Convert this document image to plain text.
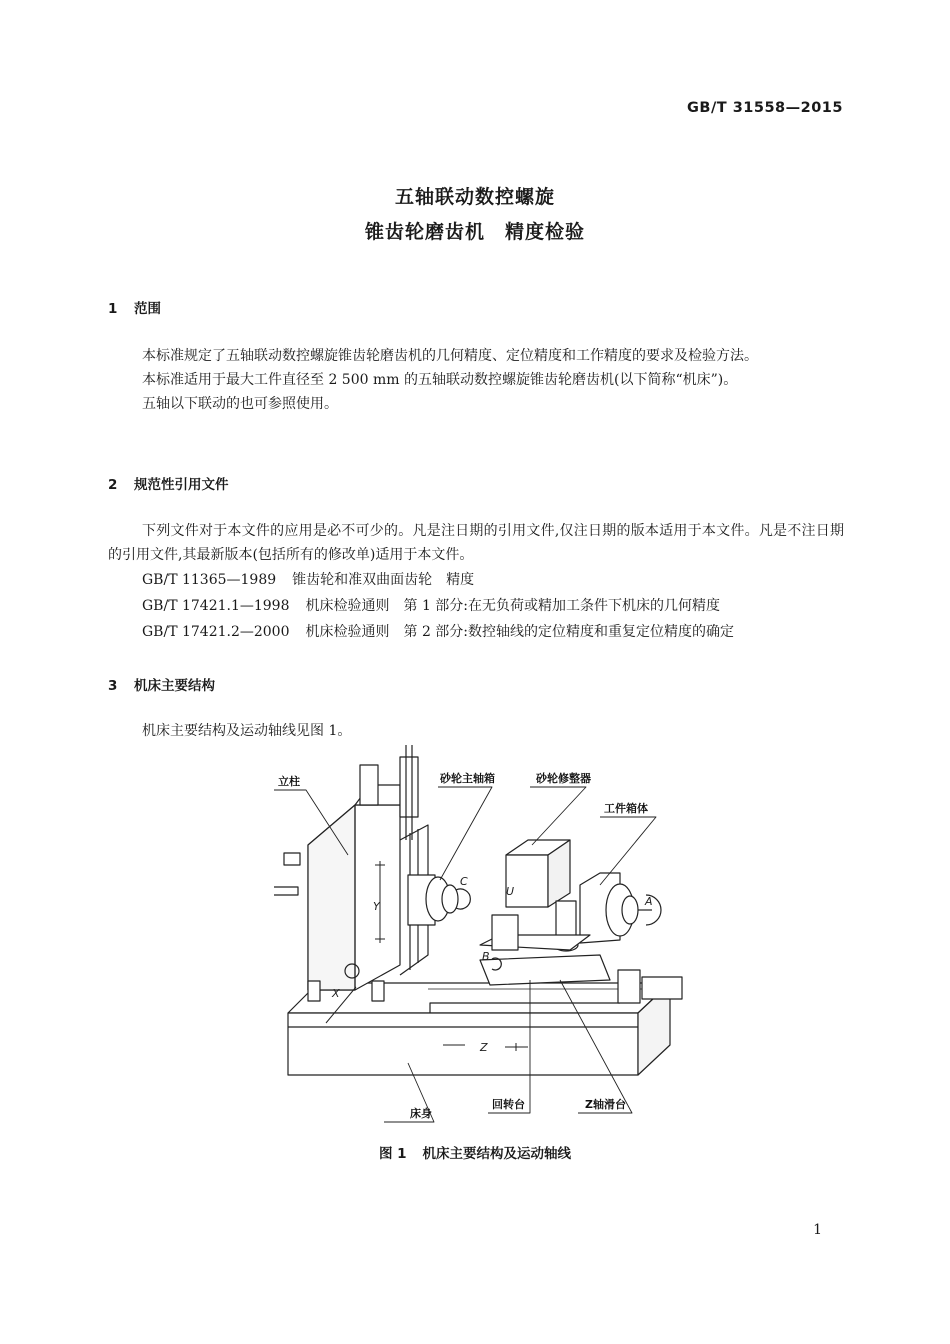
GB/T 31558—2015
五轴联动数控螺旋
锥齿轮磨齿机　精度检验
1 范围

本标准规定了五轴联动数控螺旋锥齿轮磨齿机的几何精度、定位精度和工作精度的要求及检验方法。

本标准适用于最大工件直径至 2 500 mm 的五轴联动数控螺旋锥齿轮磨齿机(以下简称“机床”)。

五轴以下联动的也可参照使用。

2 规范性引用文件

下列文件对于本文件的应用是必不可少的。凡是注日期的引用文件,仅注日期的版本适用于本文件。凡是不注日期的引用文件,其最新版本(包括所有的修改单)适用于本文件。

GB/T 11365—1989 锥齿轮和准双曲面齿轮　精度
GB/T 17421.1—1998 机床检验通则　第 1 部分:在无负荷或精加工条件下机床的几何精度
GB/T 17421.2—2000 机床检验通则　第 2 部分:数控轴线的定位精度和重复定位精度的确定
3 机床主要结构

机床主要结构及运动轴线见图 1。

Y
X
Z
C
U
A
B
立柱	砂轮主轴箱	砂轮修整器
工件箱体
床身
回转台	Z轴滑台
图 1 机床主要结构及运动轴线
1
